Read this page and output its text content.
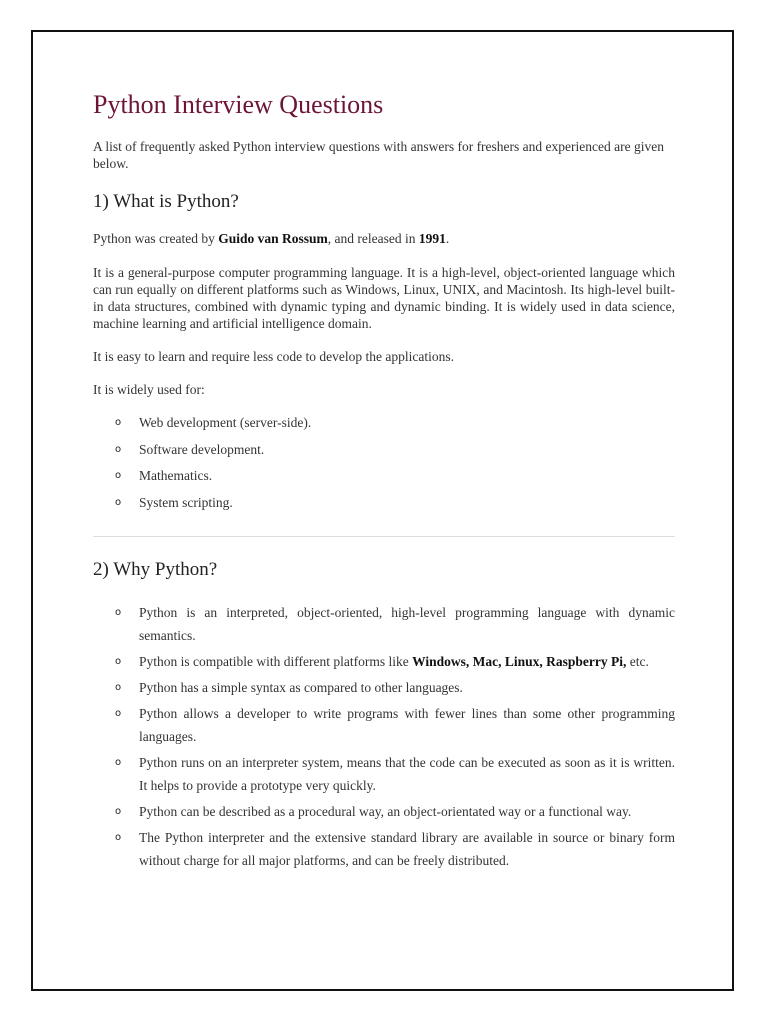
Python Interview Questions

A list of frequently asked Python interview questions with answers for freshers and experienced are given below.

1) What is Python?

Python was created by Guido van Rossum, and released in 1991.

It is a general-purpose computer programming language. It is a high-level, object-oriented language which can run equally on different platforms such as Windows, Linux, UNIX, and Macintosh. Its high-level built-in data structures, combined with dynamic typing and dynamic binding. It is widely used in data science, machine learning and artificial intelligence domain.

It is easy to learn and require less code to develop the applications.

It is widely used for:

o Web development (server-side).
o Software development.
o Mathematics.
o System scripting.
2) Why Python?
o Python is an interpreted, object-oriented, high-level programming language with dynamic semantics.
o Python is compatible with different platforms like Windows, Mac, Linux, Raspberry Pi, etc.
o Python has a simple syntax as compared to other languages.
o Python allows a developer to write programs with fewer lines than some other programming languages.
o Python runs on an interpreter system, means that the code can be executed as soon as it is written. It helps to provide a prototype very quickly.
o Python can be described as a procedural way, an object-orientated way or a functional way.
o The Python interpreter and the extensive standard library are available in source or binary form without charge for all major platforms, and can be freely distributed.
